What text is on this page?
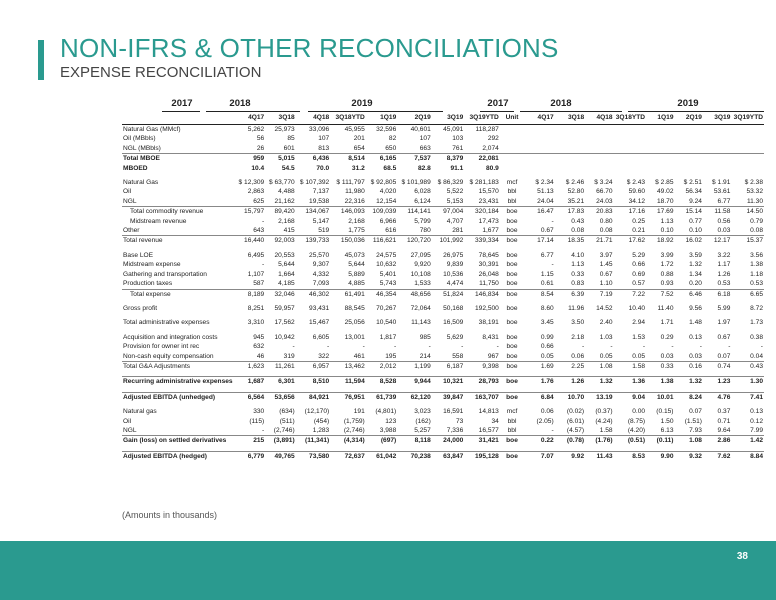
NON-IFRS & OTHER RECONCILIATIONS
EXPENSE RECONCILIATION
2017	2018	2019	2017	2018	2019
	4Q17	3Q18	4Q18	3Q18YTD	1Q19	2Q19	3Q19	3Q19YTD	Unit	4Q17	3Q18	4Q18	3Q18YTD	1Q19	2Q19	3Q19	3Q19YTD
Natural Gas (MMcf)	5,262	25,973	33,096	45,955	32,596	40,601	45,091	118,287									
Oil (MBbls)	56	85	107	201	82	107	103	292									
NGL (MBbls)	26	601	813	654	650	663	761	2,074									
Total MBOE	959	5,015	6,436	8,514	6,165	7,537	8,379	22,081									
MBOED	10.4	54.5	70.0	31.2	68.5	82.8	91.1	80.9									

Natural Gas	$ 12,309	$ 63,770	$ 107,392	$ 111,797	$ 92,805	$ 101,989	$ 86,329	$ 281,183	mcf	$ 2.34	$ 2.46	$ 3.24	$ 2.43	$ 2.85	$ 2.51	$ 1.91	$ 2.38
Oil	2,863	4,488	7,137	11,980	4,020	6,028	5,522	15,570	bbl	51.13	52.80	66.70	59.60	49.02	56.34	53.61	53.32
NGL	625	21,162	19,538	22,316	12,154	6,124	5,153	23,431	bbl	24.04	35.21	24.03	34.12	18.70	9.24	6.77	11.30
Total commodity revenue	15,797	89,420	134,067	146,093	109,039	114,141	97,004	320,184	boe	16.47	17.83	20.83	17.16	17.69	15.14	11.58	14.50
Midstream revenue	-	2,168	5,147	2,168	6,966	5,799	4,707	17,473	boe	-	0.43	0.80	0.25	1.13	0.77	0.56	0.79
Other	643	415	519	1,775	616	780	281	1,677	boe	0.67	0.08	0.08	0.21	0.10	0.10	0.03	0.08
Total revenue	16,440	92,003	139,733	150,036	116,621	120,720	101,992	339,334	boe	17.14	18.35	21.71	17.62	18.92	16.02	12.17	15.37

Base LOE	6,495	20,553	25,570	45,073	24,575	27,095	26,975	78,645	boe	6.77	4.10	3.97	5.29	3.99	3.59	3.22	3.56
Midstream expense	-	5,644	9,307	5,644	10,632	9,920	9,839	30,391	boe	-	1.13	1.45	0.66	1.72	1.32	1.17	1.38
Gathering and transportation	1,107	1,664	4,332	5,889	5,401	10,108	10,536	26,048	boe	1.15	0.33	0.67	0.69	0.88	1.34	1.26	1.18
Production taxes	587	4,185	7,093	4,885	5,743	1,533	4,474	11,750	boe	0.61	0.83	1.10	0.57	0.93	0.20	0.53	0.53
Total expense	8,189	32,046	46,302	61,491	46,354	48,656	51,824	146,834	boe	8.54	6.39	7.19	7.22	7.52	6.46	6.18	6.65

Gross profit	8,251	59,957	93,431	88,545	70,267	72,064	50,168	192,500	boe	8.60	11.96	14.52	10.40	11.40	9.56	5.99	8.72

Total administrative expenses	3,310	17,562	15,467	25,056	10,540	11,143	16,509	38,191	boe	3.45	3.50	2.40	2.94	1.71	1.48	1.97	1.73

Acquisition and integration costs	945	10,942	6,605	13,001	1,817	985	5,629	8,431	boe	0.99	2.18	1.03	1.53	0.29	0.13	0.67	0.38
Provision for owner int rec	632	-	-	-	-	-	-	-	boe	0.66	-	-	-	-	-	-	-
Non-cash equity compensation	46	319	322	461	195	214	558	967	boe	0.05	0.06	0.05	0.05	0.03	0.03	0.07	0.04
Total G&A Adjustments	1,623	11,261	6,957	13,462	2,012	1,199	6,187	9,398	boe	1.69	2.25	1.08	1.58	0.33	0.16	0.74	0.43

Recurring administrative expenses	1,687	6,301	8,510	11,594	8,528	9,944	10,321	28,793	boe	1.76	1.26	1.32	1.36	1.38	1.32	1.23	1.30

Adjusted EBITDA (unhedged)	6,564	53,656	84,921	76,951	61,739	62,120	39,847	163,707	boe	6.84	10.70	13.19	9.04	10.01	8.24	4.76	7.41

Natural gas	330	(634)	(12,170)	191	(4,801)	3,023	16,591	14,813	mcf	0.06	(0.02)	(0.37)	0.00	(0.15)	0.07	0.37	0.13
Oil	(115)	(511)	(454)	(1,759)	123	(162)	73	34	bbl	(2.05)	(6.01)	(4.24)	(8.75)	1.50	(1.51)	0.71	0.12
NGL	-	(2,746)	1,283	(2,746)	3,988	5,257	7,336	16,577	bbl	-	(4.57)	1.58	(4.20)	6.13	7.93	9.64	7.99
Gain (loss) on settled derivatives	215	(3,891)	(11,341)	(4,314)	(697)	8,118	24,000	31,421	boe	0.22	(0.78)	(1.76)	(0.51)	(0.11)	1.08	2.86	1.42

Adjusted EBITDA (hedged)	6,779	49,765	73,580	72,637	61,042	70,238	63,847	195,128	boe	7.07	9.92	11.43	8.53	9.90	9.32	7.62	8.84
(Amounts in thousands)
38
